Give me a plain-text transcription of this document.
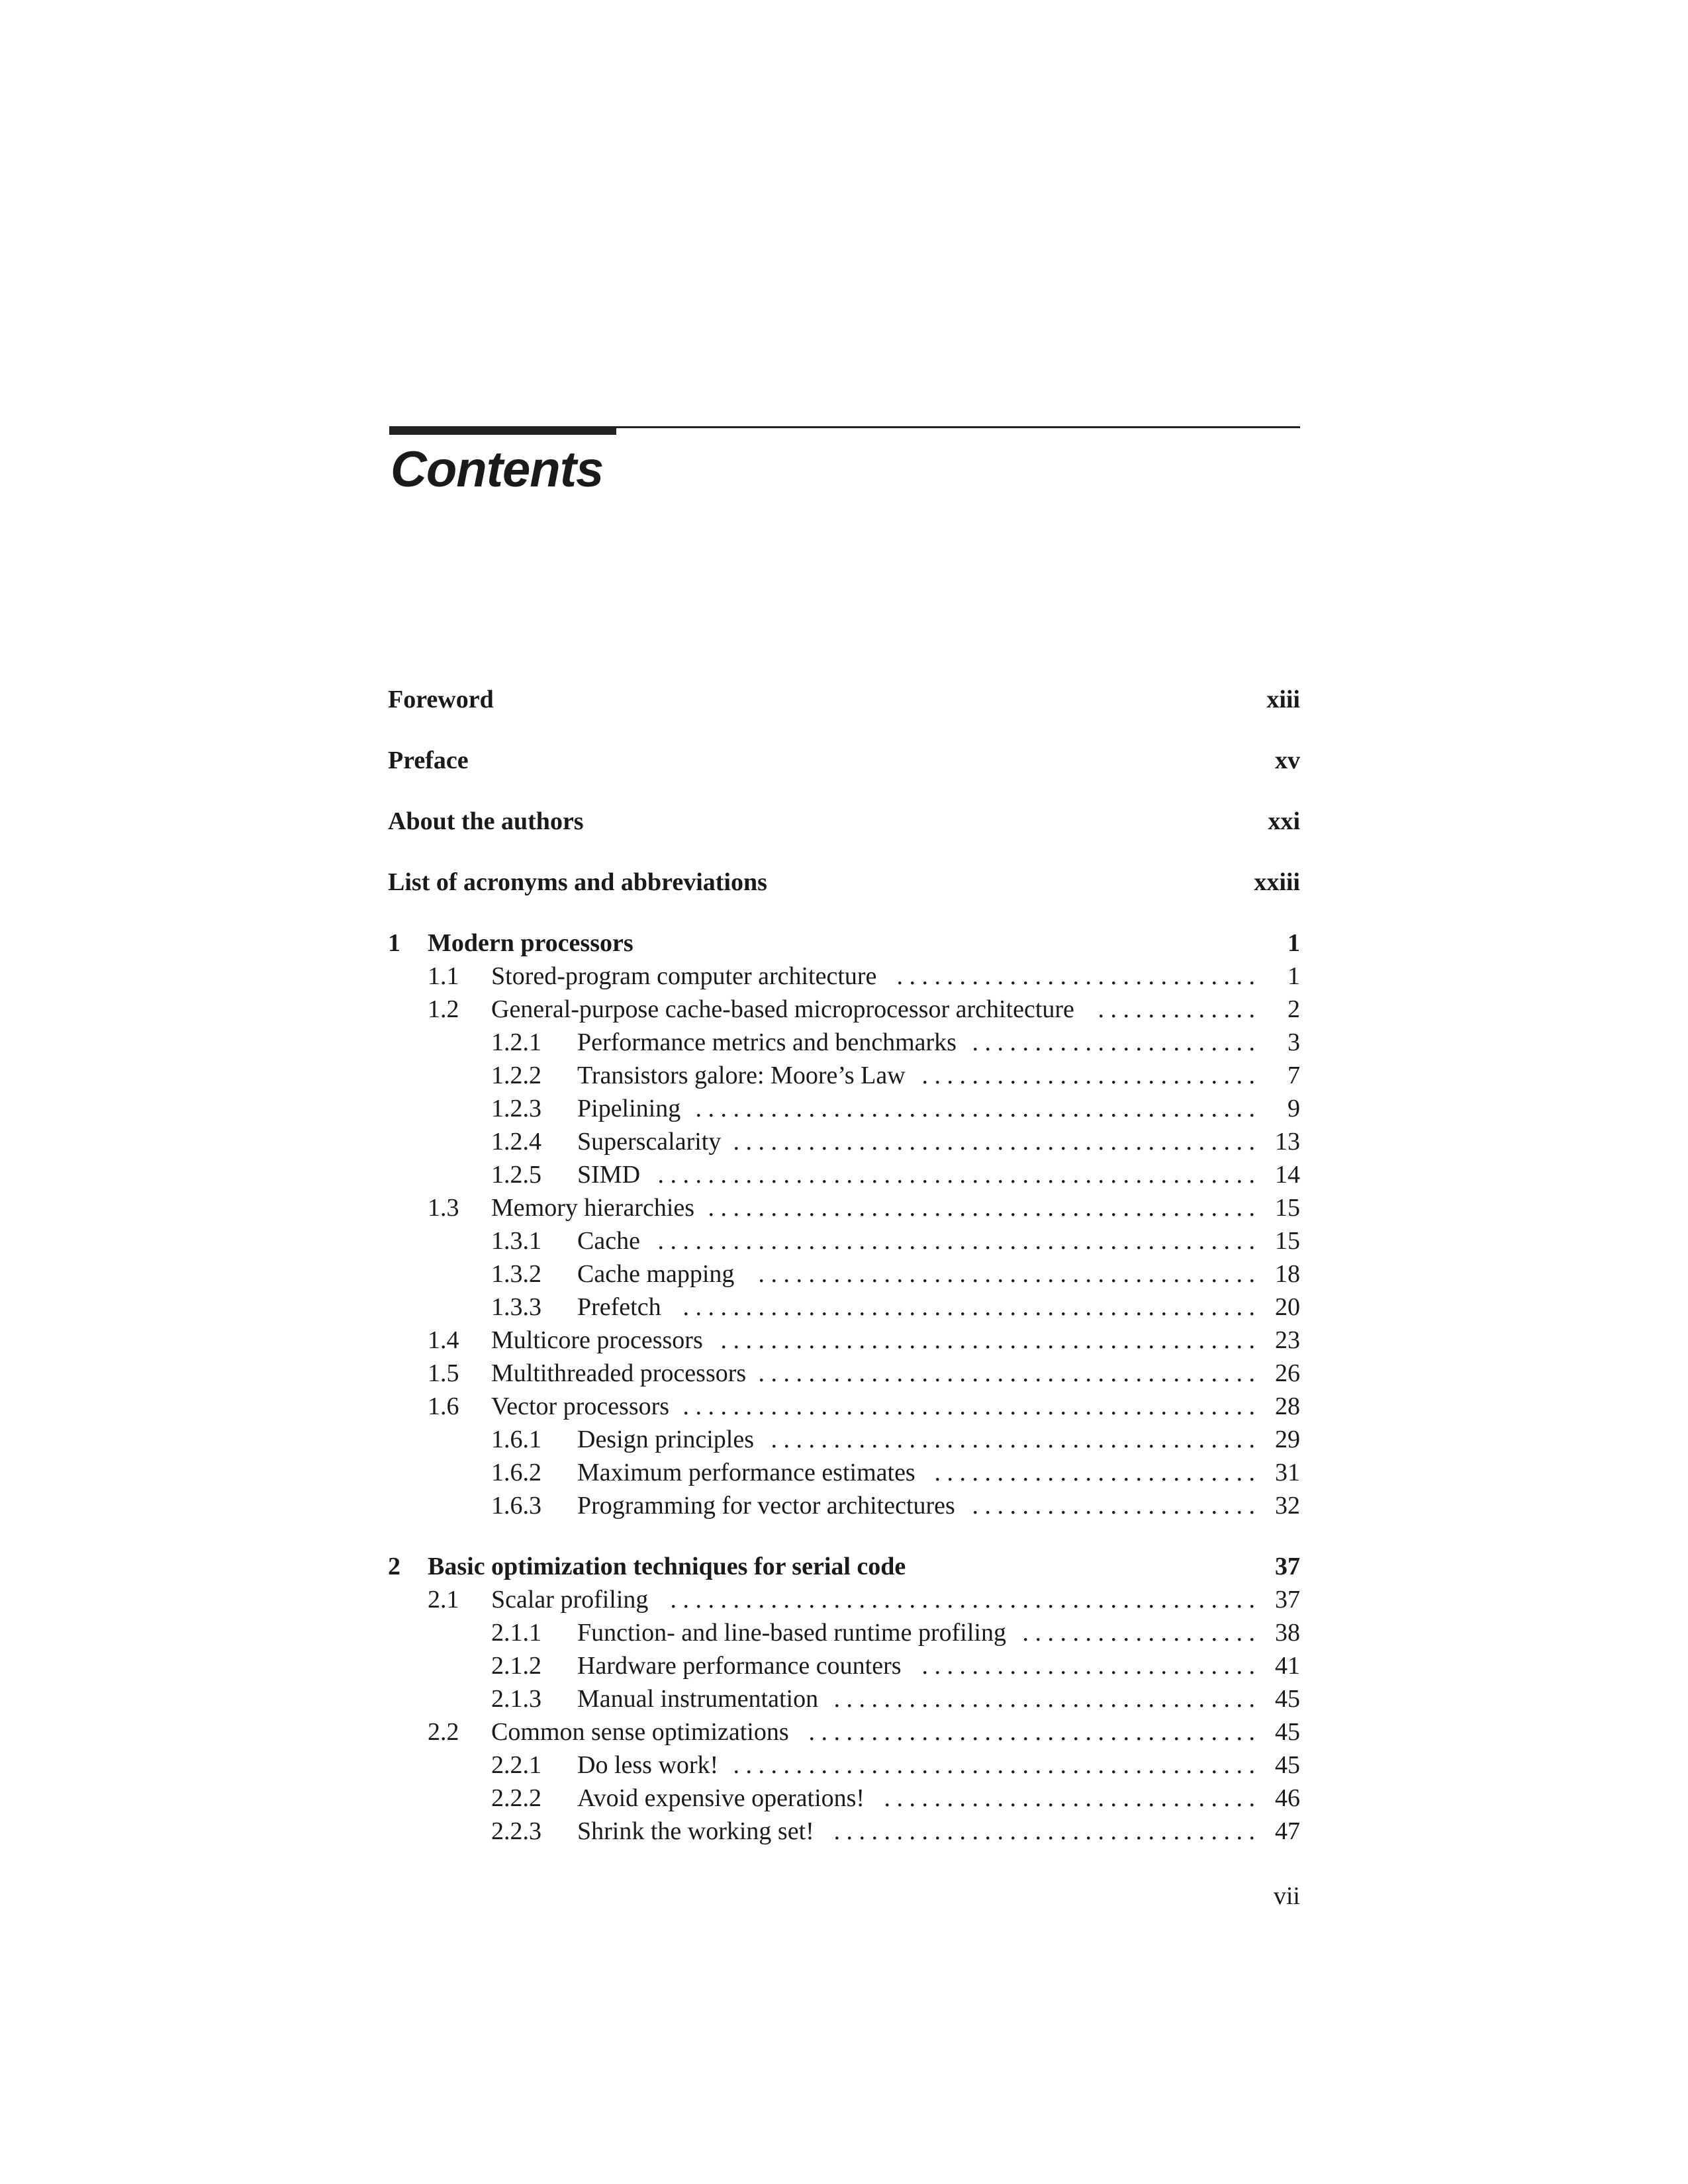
Contents
Foreword	xiii
Preface	xv
About the authors	xxi
List of acronyms and abbreviations	xxiii
1 Modern processors	1
1.1 Stored-program computer architecture . . . . . . . . . . . . . . . . . . . . . . . . . . . . . 1
1.2 General-purpose cache-based microprocessor architecture . . . . . . . . . . . . . 2
1.2.1 Performance metrics and benchmarks . . . . . . . . . . . . . . . . . . . . . . . 3
1.2.2 Transistors galore: Moore’s Law . . . . . . . . . . . . . . . . . . . . . . . . . . . 7
1.2.3 Pipelining . . . . . . . . . . . . . . . . . . . . . . . . . . . . . . . . . . . . . . . . . . . . . 9
1.2.4 Superscalarity . . . . . . . . . . . . . . . . . . . . . . . . . . . . . . . . . . . . . . . . . . 13
1.2.5 SIMD . . . . . . . . . . . . . . . . . . . . . . . . . . . . . . . . . . . . . . . . . . . . . . . . 14
1.3 Memory hierarchies . . . . . . . . . . . . . . . . . . . . . . . . . . . . . . . . . . . . . . . . . . . . 15
1.3.1 Cache . . . . . . . . . . . . . . . . . . . . . . . . . . . . . . . . . . . . . . . . . . . . . . . . 15
1.3.2 Cache mapping . . . . . . . . . . . . . . . . . . . . . . . . . . . . . . . . . . . . . . . . 18
1.3.3 Prefetch . . . . . . . . . . . . . . . . . . . . . . . . . . . . . . . . . . . . . . . . . . . . . . 20
1.4 Multicore processors . . . . . . . . . . . . . . . . . . . . . . . . . . . . . . . . . . . . . . . . . . . 23
1.5 Multithreaded processors . . . . . . . . . . . . . . . . . . . . . . . . . . . . . . . . . . . . . . . . 26
1.6 Vector processors . . . . . . . . . . . . . . . . . . . . . . . . . . . . . . . . . . . . . . . . . . . . . . 28
1.6.1 Design principles . . . . . . . . . . . . . . . . . . . . . . . . . . . . . . . . . . . . . . . 29
1.6.2 Maximum performance estimates . . . . . . . . . . . . . . . . . . . . . . . . . . 31
1.6.3 Programming for vector architectures . . . . . . . . . . . . . . . . . . . . . . . 32
2 Basic optimization techniques for serial code	37
2.1 Scalar profiling . . . . . . . . . . . . . . . . . . . . . . . . . . . . . . . . . . . . . . . . . . . . . . . 37
2.1.1 Function- and line-based runtime profiling . . . . . . . . . . . . . . . . . . . 38
2.1.2 Hardware performance counters . . . . . . . . . . . . . . . . . . . . . . . . . . . 41
2.1.3 Manual instrumentation . . . . . . . . . . . . . . . . . . . . . . . . . . . . . . . . . . 45
2.2 Common sense optimizations . . . . . . . . . . . . . . . . . . . . . . . . . . . . . . . . . . . . 45
2.2.1 Do less work! . . . . . . . . . . . . . . . . . . . . . . . . . . . . . . . . . . . . . . . . . . 45
2.2.2 Avoid expensive operations! . . . . . . . . . . . . . . . . . . . . . . . . . . . . . . 46
2.2.3 Shrink the working set! . . . . . . . . . . . . . . . . . . . . . . . . . . . . . . . . . . 47
vii
